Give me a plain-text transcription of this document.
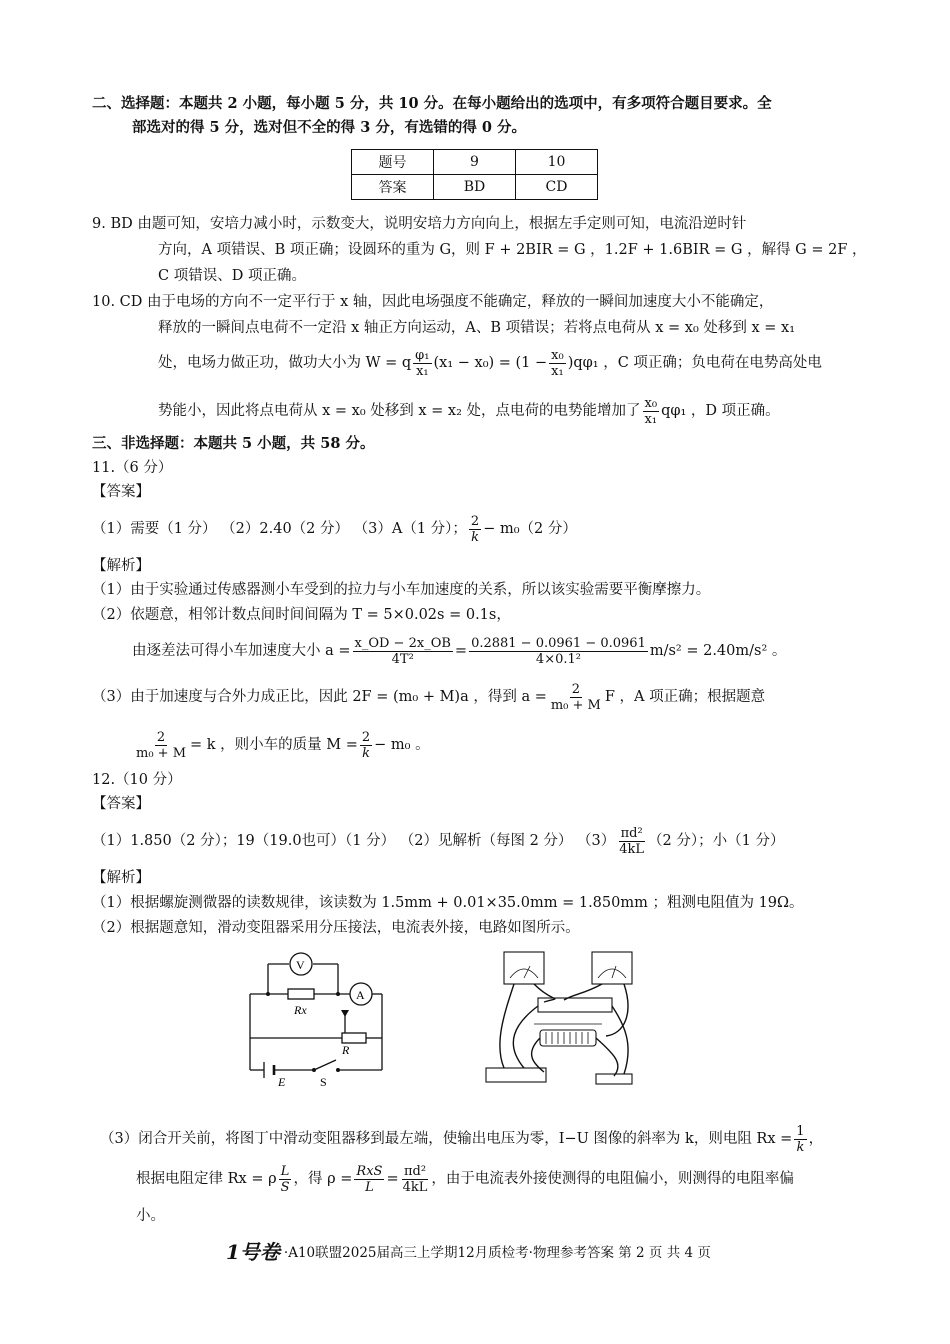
二、选择题：本题共 2 小题，每小题 5 分，共 10 分。在每小题给出的选项中，有多项符合题目要求。全
部选对的得 5 分，选对但不全的得 3 分，有选错的得 0 分。
题号	9	10
答案	BD	CD
9. BD 由题可知，安培力减小时，示数变大，说明安培力方向向上，根据左手定则可知，电流沿逆时针
方向，A 项错误、B 项正确；设圆环的重为 G，则 F + 2BIR = G ，1.2F + 1.6BIR = G ，解得 G = 2F ，
C 项错误、D 项正确。
10. CD 由于电场的方向不一定平行于 x 轴，因此电场强度不能确定，释放的一瞬间加速度大小不能确定，
释放的一瞬间点电荷不一定沿 x 轴正方向运动，A、B 项错误；若将点电荷从 x = x₀ 处移到 x = x₁
处，电场力做正功，做功大小为 W = q $\frac{\text{φ₁}}{\text{x₁}} (x_1 - x_0) = (1 - \frac{\text{x₀}}{\text{x₁}} )q\varphi_1$ ，C 项正确；负电荷在电势高处电
势能小，因此将点电荷从 x = x₀ 处移到 x = x₂ 处，点电荷的电势能增加了 $\frac{\text{x₀}}{\text{x₁}} q\varphi_1$ ，D 项正确。
三、非选择题：本题共 5 小题，共 58 分。
11.（6 分）
【答案】
（1）需要（1 分） （2）2.40（2 分） （3）A（1 分）； $\frac{2}{k} - m_0(2$ 分）
【解析】
（1）由于实验通过传感器测小车受到的拉力与小车加速度的关系，所以该实验需要平衡摩擦力。
（2）依题意，相邻计数点间时间间隔为 T = 5×0.02s = 0.1s，
由逐差法可得小车加速度大小 $a = \frac{x\_OD - 2x\_OB}{\text{4T²}} = \frac{0.2881 - 0.0961 - 0.0961}{\text{4×0.1²}} m/s^2 = 2.40m/s^2$ 。
（3）由于加速度与合外力成正比，因此 2F = (m₀ + M)a ，得到 $a = \frac{2}{\text{m₀ + M}}$ F ，A 项正确；根据题意
$\frac{2}{\text{m₀ + M}} = k$ ，则小车的质量 $M = \frac{2}{k} - m_0$ 。
12.（10 分）
【答案】
（1）1.850（2 分）；19（19.0也可）（1 分） （2）见解析（每图 2 分） $(3) \frac{\text{πd²}}{4kL} (2$ 分）；小（1 分）
【解析】
（1）根据螺旋测微器的读数规律，该读数为 1.5mm + 0.01×35.0mm = 1.850mm ；粗测电阻值为 19Ω。
（2）根据题意知，滑动变阻器采用分压接法，电流表外接，电路如图所示。
V
A
Rx
R
E	S
（3）闭合开关前，将图丁中滑动变阻器移到最左端，使输出电压为零，I−U 图像的斜率为 k，则电阻 $Rx = \frac{1}{k}$ ，
根据电阻定律 Rx = ρ $\frac{L}{S}$ ，得 $\rho = \frac{\text{RxS}}{L} = \frac{\text{πd²}}{4kL}$ ，由于电流表外接使测得的电阻偏小，则测得的电阻率偏
小。
1号卷 ·A10联盟2025届高三上学期12月质检考·物理参考答案 第 2 页 共 4 页
